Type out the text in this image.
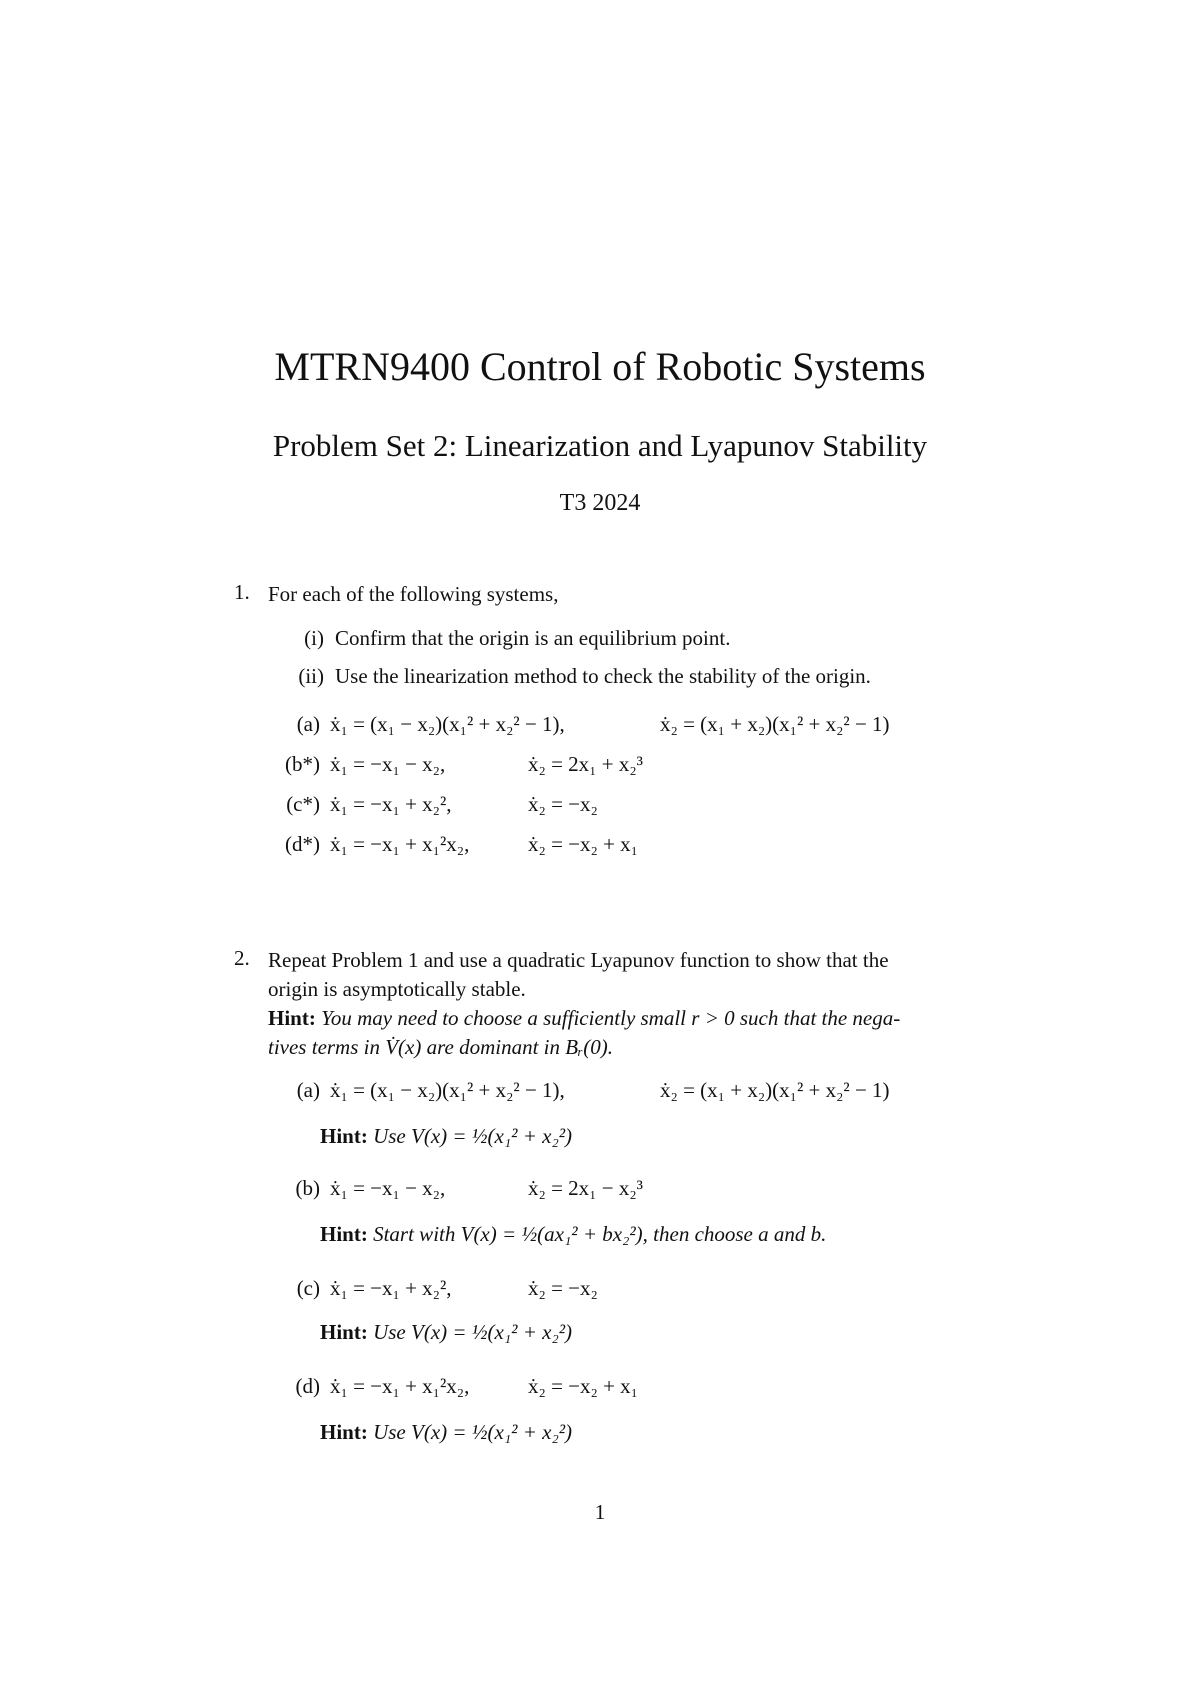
MTRN9400 Control of Robotic Systems
Problem Set 2: Linearization and Lyapunov Stability
T3 2024
1. For each of the following systems,
(i) Confirm that the origin is an equilibrium point.
(ii) Use the linearization method to check the stability of the origin.
(a) ẋ₁ = (x₁ − x₂)(x₁² + x₂² − 1),	ẋ₂ = (x₁ + x₂)(x₁² + x₂² − 1)
(b*) ẋ₁ = −x₁ − x₂,	ẋ₂ = 2x₁ + x₂³
(c*) ẋ₁ = −x₁ + x₂²,	ẋ₂ = −x₂
(d*) ẋ₁ = −x₁ + x₁²x₂,	ẋ₂ = −x₂ + x₁
2. Repeat Problem 1 and use a quadratic Lyapunov function to show that the
origin is asymptotically stable.
Hint: You may need to choose a sufficiently small r > 0 such that the nega-
tives terms in V̇(x) are dominant in Bᵣ(0).
(a) ẋ₁ = (x₁ − x₂)(x₁² + x₂² − 1),	ẋ₂ = (x₁ + x₂)(x₁² + x₂² − 1)
Hint: Use V(x) = ½(x₁² + x₂²)
(b) ẋ₁ = −x₁ − x₂,	ẋ₂ = 2x₁ − x₂³
Hint: Start with V(x) = ½(ax₁² + bx₂²), then choose a and b.
(c) ẋ₁ = −x₁ + x₂²,	ẋ₂ = −x₂
Hint: Use V(x) = ½(x₁² + x₂²)
(d) ẋ₁ = −x₁ + x₁²x₂,	ẋ₂ = −x₂ + x₁
Hint: Use V(x) = ½(x₁² + x₂²)
1
